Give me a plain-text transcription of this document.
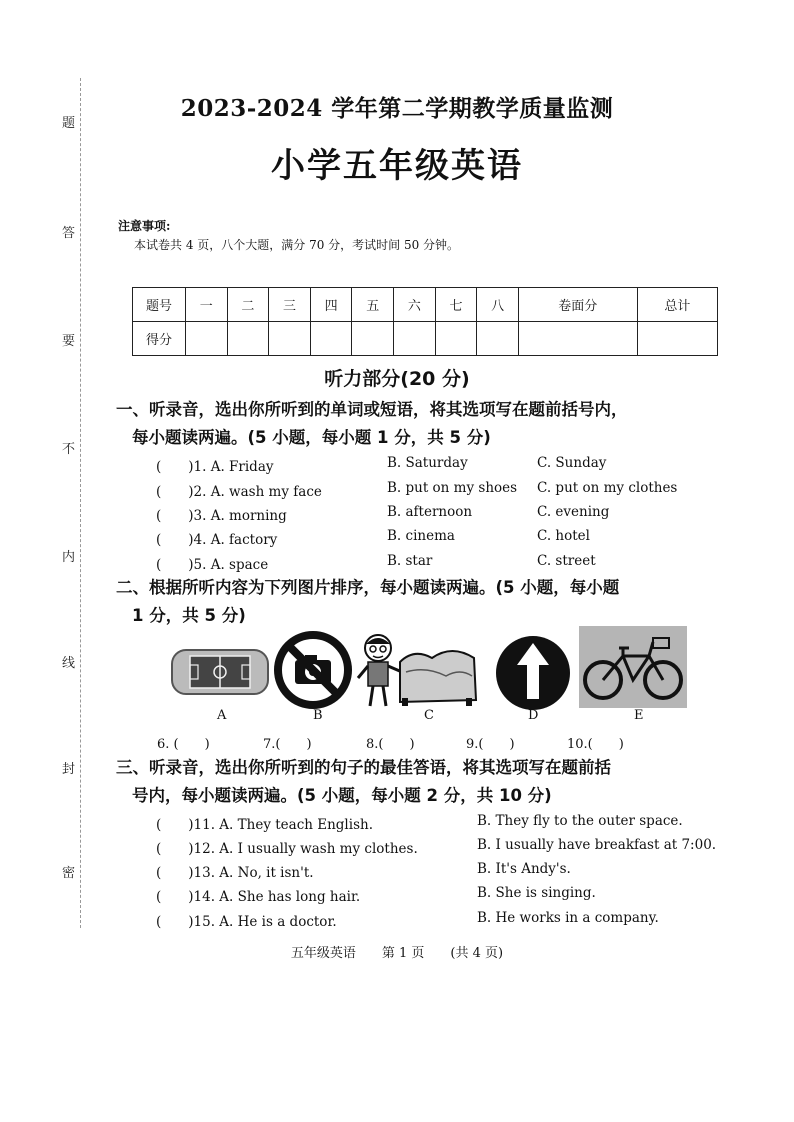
题
答
要
不
内
线
封
密
2023-2024 学年第二学期教学质量监测
小学五年级英语
注意事项:
本试卷共 4 页，八个大题，满分 70 分，考试时间 50 分钟。
题号	一	二	三	四	五	六	七	八	卷面分	总计
得分										
听力部分(20 分)
一、听录音，选出你所听到的单词或短语，将其选项写在题前括号内，
每小题读两遍。(5 小题，每小题 1 分，共 5 分)
(　　)1. A. Friday	B. Saturday	C. Sunday
(　　)2. A. wash my face	B. put on my shoes C. put on my clothes
(　　)3. A. morning	B. afternoon	C. evening
(　　)4. A. factory	B. cinema	C. hotel
(　　)5. A. space	B. star	C. street
二、根据所听内容为下列图片排序，每小题读两遍。(5 小题，每小题
1 分，共 5 分)
A	B	C	D	E
6. (　　)	7.(　　)	8.(　　)	9.(　　)	10.(　　)
三、听录音，选出你所听到的句子的最佳答语，将其选项写在题前括
号内，每小题读两遍。(5 小题，每小题 2 分，共 10 分)
(　　)11. A. They teach English.	B. They fly to the outer space.
(　　)12. A. I usually wash my clothes.	B. I usually have breakfast at 7:00.
(　　)13. A. No, it isn't.	B. It's Andy's.
(　　)14. A. She has long hair.	B. She is singing.
(　　)15. A. He is a doctor.	B. He works in a company.
五年级英语　　第 1 页　　(共 4 页)
